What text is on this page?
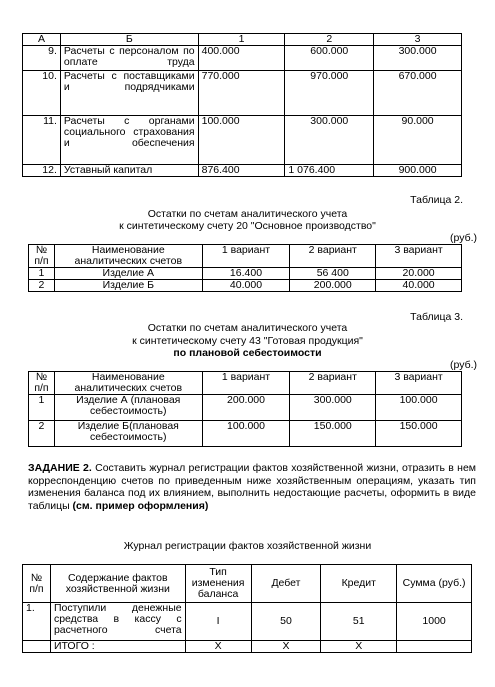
А	Б	1	2	3
9.	Расчеты с персоналом по оплате труда	400.000	600.000	300.000
10.	Расчеты с поставщиками и подрядчиками	770.000	970.000	670.000
11.	Расчеты с органами социального страхования и обеспечения	100.000	300.000	90.000
12.	Уставный капитал	876.400	1 076.400	900.000
Таблица 2.
Остатки по счетам аналитического учета
к синтетическому счету 20 "Основное производство"
(руб.)
№ п/п	Наименование аналитических счетов	1 вариант	2 вариант	3 вариант
1	Изделие А	16.400	56 400	20.000
2	Изделие Б	40.000	200.000	40.000
Таблица 3.
Остатки по счетам аналитического учета
к синтетическому счету 43 "Готовая продукция"
по плановой себестоимости
(руб.)
№ п/п	Наименование аналитических счетов	1 вариант	2 вариант	3 вариант
1	Изделие А (плановая себестоимость)	200.000	300.000	100.000
2	Изделие Б(плановая себестоимость)	100.000	150.000	150.000
ЗАДАНИЕ 2. Составить журнал регистрации фактов хозяйственной жизни, отразить в нем корреспонденцию счетов по приведенным ниже хозяйственным операциям, указать тип изменения баланса под их влиянием, выполнить недостающие расчеты, оформить в виде таблицы (см. пример оформления)
Журнал регистрации фактов хозяйственной жизни
№ п/п	Содержание фактов хозяйственной жизни	Тип изменения баланса	Дебет	Кредит	Сумма (руб.)
1.	Поступили денежные средства в кассу с расчетного счета	I	50	51	1000
	ИТОГО :	X	X	X	
